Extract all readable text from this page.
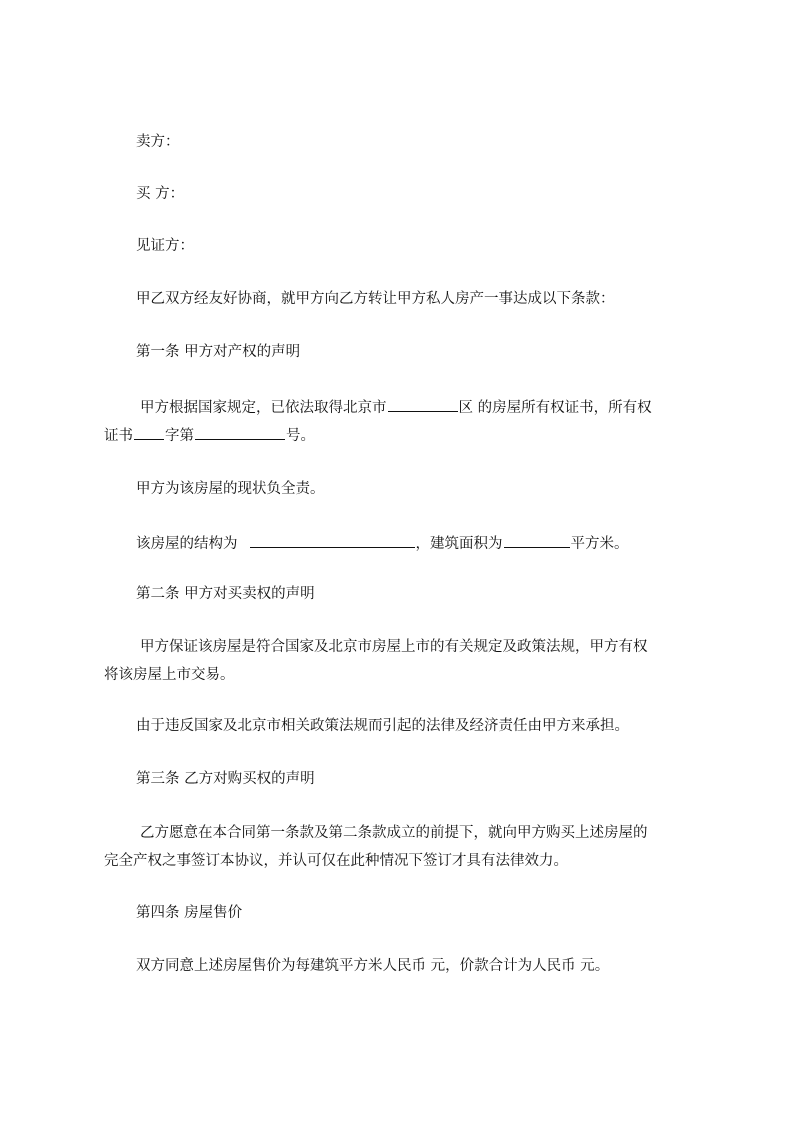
卖方：

买 方：

见证方：

甲乙双方经友好协商，就甲方向乙方转让甲方私人房产一事达成以下条款：

第一条 甲方对产权的声明

甲方根据国家规定，已依法取得北京市	区 的房屋所有权证书，所有权

证书 字第	号。

甲方为该房屋的现状负全责。

该房屋的结构为	，建筑面积为	平方米。

第二条 甲方对买卖权的声明

甲方保证该房屋是符合国家及北京市房屋上市的有关规定及政策法规，甲方有权

将该房屋上市交易。

由于违反国家及北京市相关政策法规而引起的法律及经济责任由甲方来承担。

第三条 乙方对购买权的声明

乙方愿意在本合同第一条款及第二条款成立的前提下，就向甲方购买上述房屋的

完全产权之事签订本协议，并认可仅在此种情况下签订才具有法律效力。

第四条 房屋售价

双方同意上述房屋售价为每建筑平方米人民币 元，价款合计为人民币 元。
